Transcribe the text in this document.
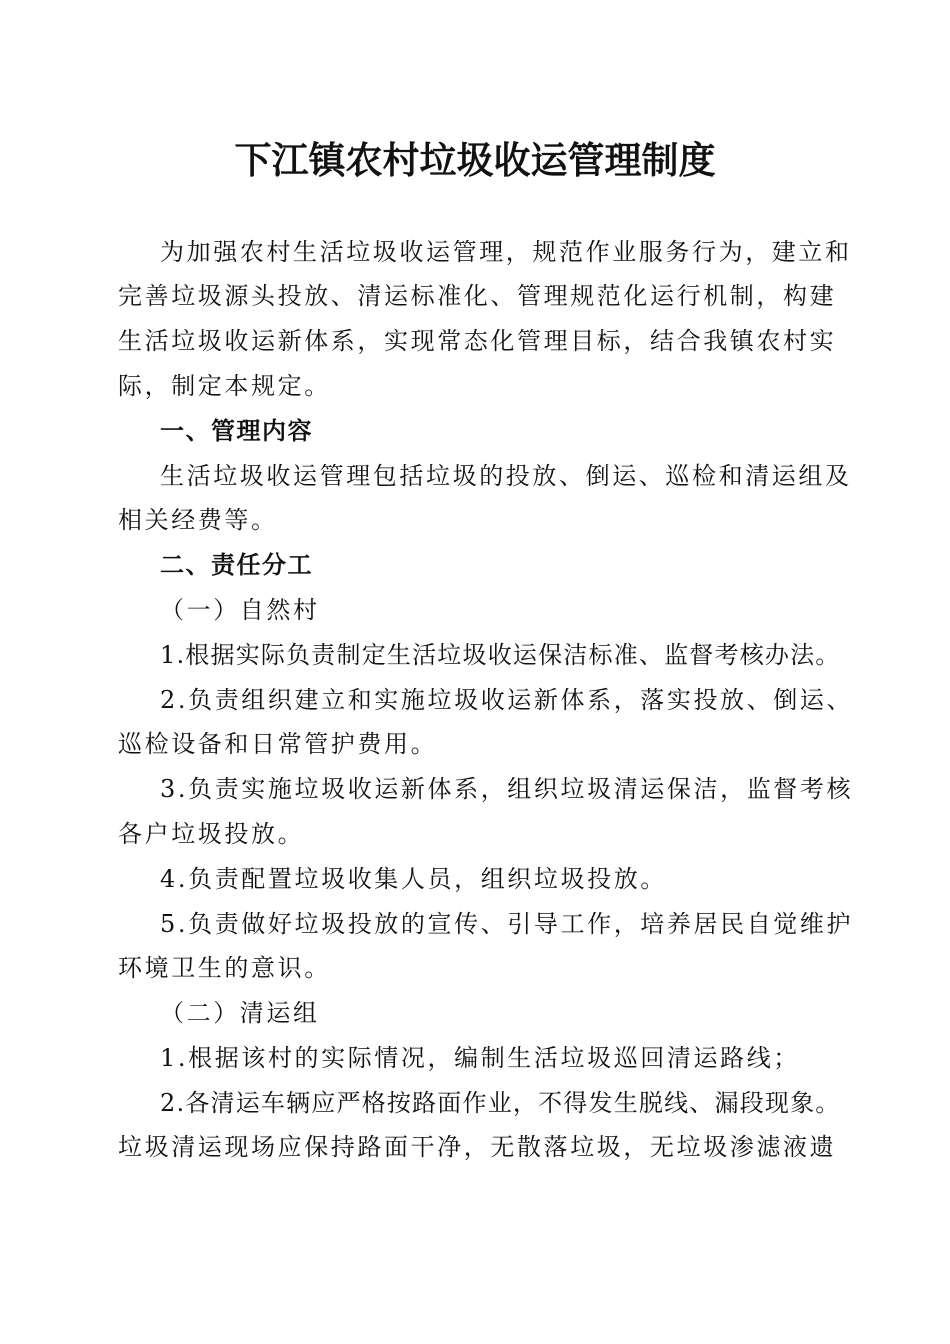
下江镇农村垃圾收运管理制度
为加强农村生活垃圾收运管理，规范作业服务行为，建立和
完善垃圾源头投放、清运标准化、管理规范化运行机制，构建
生活垃圾收运新体系，实现常态化管理目标，结合我镇农村实
际，制定本规定。
一、管理内容
生活垃圾收运管理包括垃圾的投放、倒运、巡检和清运组及
相关经费等。
二、责任分工
（一）自然村
1.根据实际负责制定生活垃圾收运保洁标准、监督考核办法。
2.负责组织建立和实施垃圾收运新体系，落实投放、倒运、
巡检设备和日常管护费用。
3.负责实施垃圾收运新体系，组织垃圾清运保洁，监督考核
各户垃圾投放。
4.负责配置垃圾收集人员，组织垃圾投放。
5.负责做好垃圾投放的宣传、引导工作，培养居民自觉维护
环境卫生的意识。
（二）清运组
1.根据该村的实际情况，编制生活垃圾巡回清运路线；
2.各清运车辆应严格按路面作业，不得发生脱线、漏段现象。
垃圾清运现场应保持路面干净，无散落垃圾，无垃圾渗滤液遗
